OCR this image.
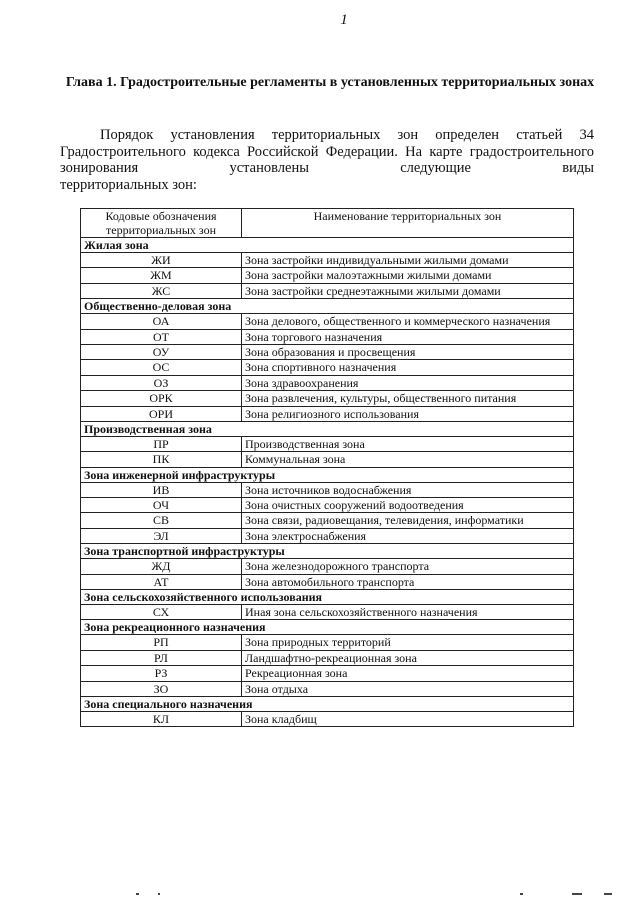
1
Глава 1. Градостроительные регламенты в установленных территориальных зонах

Порядок установления территориальных зон определен статьей 34 Градостроительного кодекса Российской Федерации. На карте градостроительного зонирования установлены следующие виды

территориальных зон:

Кодовые обозначения территориальных зон	Наименование территориальных зон
Жилая зона	
ЖИ	Зона застройки индивидуальными жилыми домами
ЖМ	Зона застройки малоэтажными жилыми домами
ЖС	Зона застройки среднеэтажными жилыми домами
Общественно-деловая зона	
ОА	Зона делового, общественного и коммерческого назначения
ОТ	Зона торгового назначения
ОУ	Зона образования и просвещения
ОС	Зона спортивного назначения
ОЗ	Зона здравоохранения
ОРК	Зона развлечения, культуры, общественного питания
ОРИ	Зона религиозного использования
Производственная зона	
ПР	Производственная зона
ПК	Коммунальная зона
Зона инженерной инфраструктуры	
ИВ	Зона источников водоснабжения
ОЧ	Зона очистных сооружений водоотведения
СВ	Зона связи, радиовещания, телевидения, информатики
ЭЛ	Зона электроснабжения
Зона транспортной инфраструктуры	
ЖД	Зона железнодорожного транспорта
АТ	Зона автомобильного транспорта
Зона сельскохозяйственного использования	
СХ	Иная зона сельскохозяйственного назначения
Зона рекреационного назначения	
РП	Зона природных территорий
РЛ	Ландшафтно-рекреационная зона
РЗ	Рекреационная зона
ЗО	Зона отдыха
Зона специального назначения	
КЛ	Зона кладбищ
